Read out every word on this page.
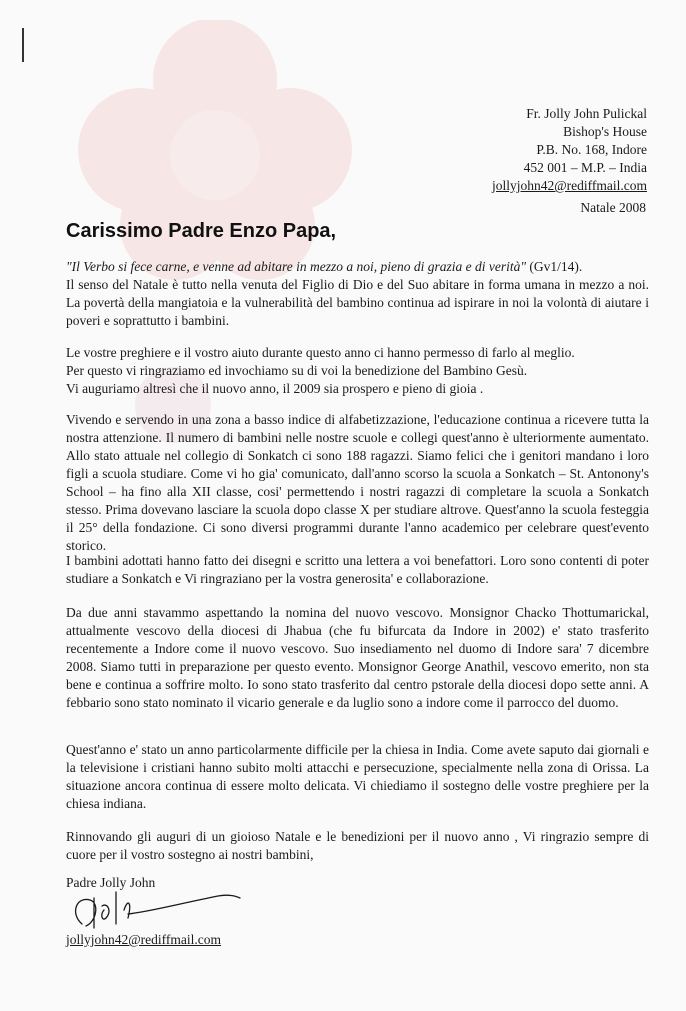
Fr. Jolly John Pulickal
Bishop's House
P.B. No. 168, Indore
452 001 – M.P. – India
jollyjohn42@rediffmail.com
Natale 2008
Carissimo Padre Enzo Papa,

"Il Verbo si fece carne, e venne ad abitare in mezzo a noi, pieno di grazia e di verità" (Gv1/14).

Il senso del Natale è tutto nella venuta del Figlio di Dio e del Suo abitare in forma umana in mezzo a noi. La povertà della mangiatoia e la vulnerabilità del bambino continua ad ispirare in noi la volontà di aiutare i poveri e soprattutto i bambini.

Le vostre preghiere e il vostro aiuto durante questo anno ci hanno permesso di farlo al meglio.

Per questo vi ringraziamo ed invochiamo su di voi la benedizione del Bambino Gesù.

Vi auguriamo altresì che il nuovo anno, il 2009 sia prospero e pieno di gioia .

Vivendo e servendo in una zona a basso indice di alfabetizzazione, l'educazione continua a ricevere tutta la nostra attenzione. Il numero di bambini nelle nostre scuole e collegi quest'anno è ulteriormente aumentato. Allo stato attuale nel collegio di Sonkatch ci sono 188 ragazzi. Siamo felici che i genitori mandano i loro figli a scuola studiare. Come vi ho gia' comunicato, dall'anno scorso la scuola a Sonkatch – St. Antonony's School – ha fino alla XII classe, cosi' permettendo i nostri ragazzi di completare la scuola a Sonkatch stesso. Prima dovevano lasciare la scuola dopo classe X per studiare altrove. Quest'anno la scuola festeggia il 25° della fondazione. Ci sono diversi programmi durante l'anno academico per celebrare quest'evento storico.

I bambini adottati hanno fatto dei disegni e scritto una lettera a voi benefattori. Loro sono contenti di poter studiare a Sonkatch e Vi ringraziano per la vostra generosita' e collaborazione.

Da due anni stavammo aspettando la nomina del nuovo vescovo. Monsignor Chacko Thottumarickal, attualmente vescovo della diocesi di Jhabua (che fu bifurcata da Indore in 2002) e' stato trasferito recentemente a Indore come il nuovo vescovo. Suo insediamento nel duomo di Indore sara' 7 dicembre 2008. Siamo tutti in preparazione per questo evento. Monsignor George Anathil, vescovo emerito, non sta bene e continua a soffrire molto. Io sono stato trasferito dal centro pstorale della diocesi dopo sette anni. A febbario sono stato nominato il vicario generale e da luglio sono a indore come il parrocco del duomo.

Quest'anno e' stato un anno particolarmente difficile per la chiesa in India. Come avete saputo dai giornali e la televisione i cristiani hanno subito molti attacchi e persecuzione, specialmente nella zona di Orissa. La situazione ancora continua di essere molto delicata. Vi chiediamo il sostegno delle vostre preghiere per la chiesa indiana.

Rinnovando gli auguri di un gioioso Natale e le benedizioni per il nuovo anno , Vi ringrazio sempre di cuore per il vostro sostegno ai nostri bambini,

Padre Jolly John
jollyjohn42@rediffmail.com
